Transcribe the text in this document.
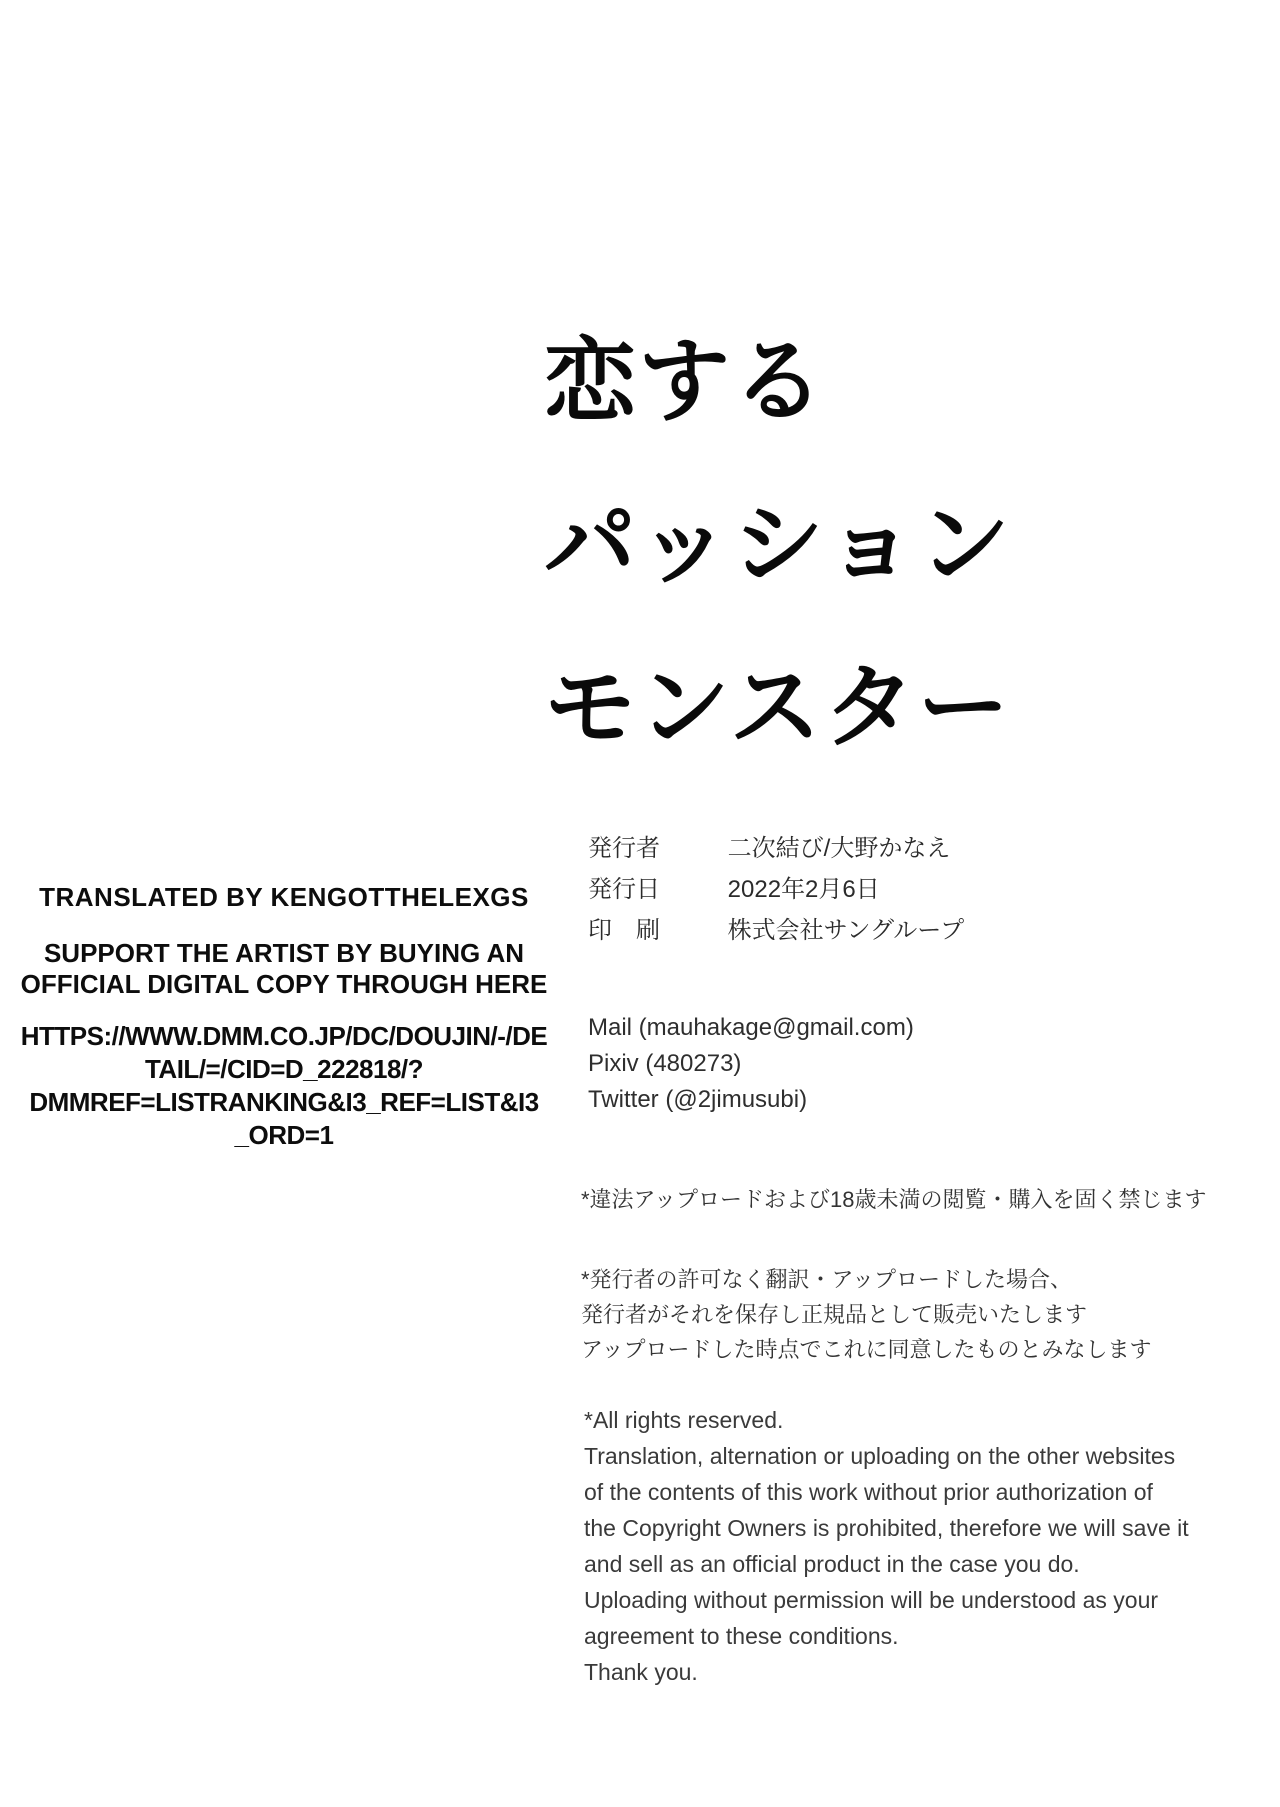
恋する
パッション
モンスター
発行者	二次結び/大野かなえ
発行日	2022年2月6日
印　刷	株式会社サングループ
TRANSLATED BY KENGOTTHELEXGS
SUPPORT THE ARTIST BY BUYING AN
OFFICIAL DIGITAL COPY THROUGH HERE
HTTPS://WWW.DMM.CO.JP/DC/DOUJIN/-/DE
TAIL/=/CID=D_222818/?
DMMREF=LISTRANKING&I3_REF=LIST&I3
_ORD=1
Mail (mauhakage@gmail.com)
Pixiv (480273)
Twitter (@2jimusubi)
*違法アップロードおよび18歳未満の閲覧・購入を固く禁じます
*発行者の許可なく翻訳・アップロードした場合、
発行者がそれを保存し正規品として販売いたします
アップロードした時点でこれに同意したものとみなします
*All rights reserved.
Translation, alternation or uploading on the other websites
of the contents of this work without prior authorization of
the Copyright Owners is prohibited, therefore we will save it
and sell as an official product in the case you do.
Uploading without permission will be understood as your
agreement to these conditions.
Thank you.
